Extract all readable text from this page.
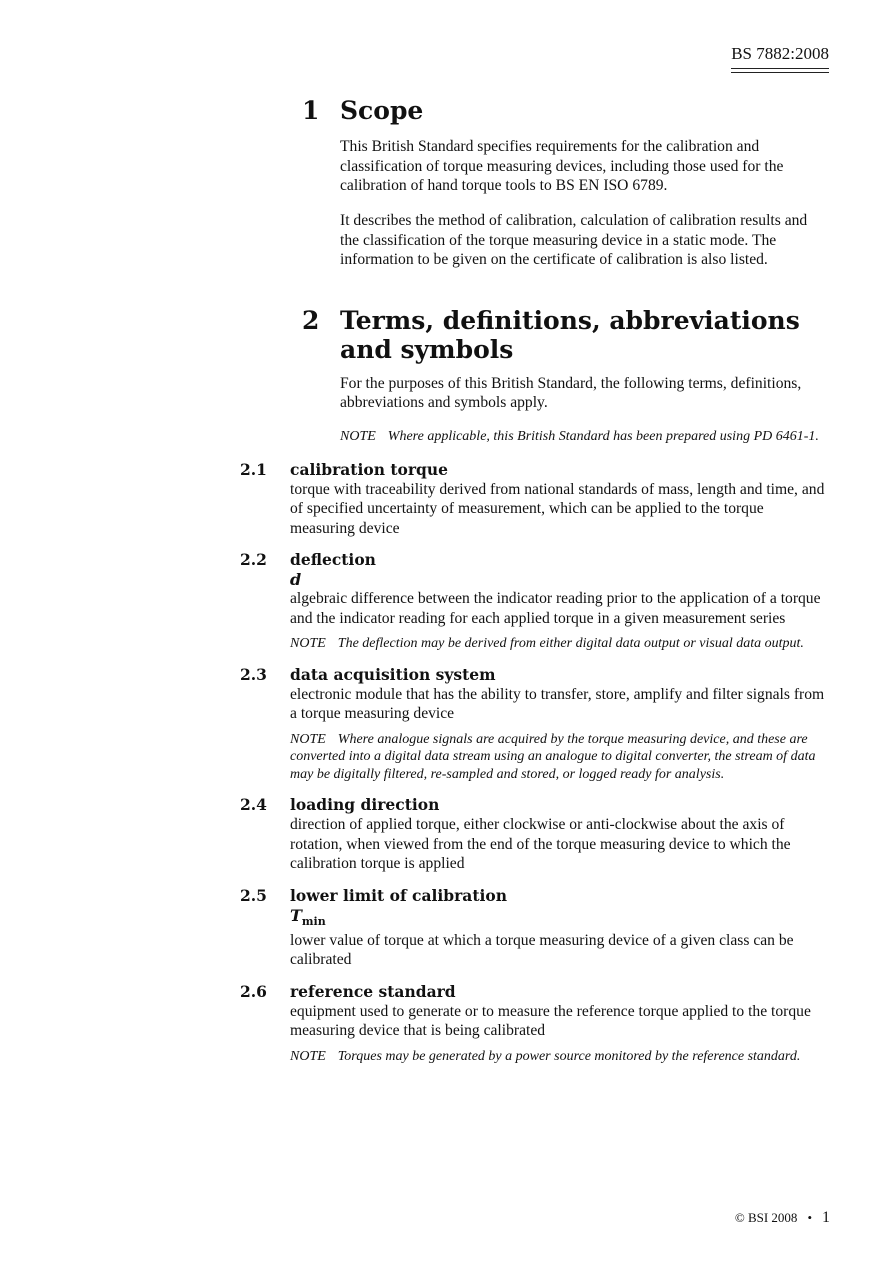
BS 7882:2008
1 Scope

This British Standard specifies requirements for the calibration and classification of torque measuring devices, including those used for the calibration of hand torque tools to BS EN ISO 6789.

It describes the method of calibration, calculation of calibration results and the classification of the torque measuring device in a static mode. The information to be given on the certificate of calibration is also listed.

2 Terms, definitions, abbreviations and symbols

For the purposes of this British Standard, the following terms, definitions, abbreviations and symbols apply.

NOTE Where applicable, this British Standard has been prepared using PD 6461-1.

2.1	calibration torque
torque with traceability derived from national standards of mass, length and time, and of specified uncertainty of measurement, which can be applied to the torque measuring device
2.2	deflection
d
algebraic difference between the indicator reading prior to the application of a torque and the indicator reading for each applied torque in a given measurement series
NOTE The deflection may be derived from either digital data output or visual data output.
2.3	data acquisition system
electronic module that has the ability to transfer, store, amplify and filter signals from a torque measuring device
NOTE Where analogue signals are acquired by the torque measuring device, and these are converted into a digital data stream using an analogue to digital converter, the stream of data may be digitally filtered, re-sampled and stored, or logged ready for analysis.
2.4	loading direction
direction of applied torque, either clockwise or anti-clockwise about the axis of rotation, when viewed from the end of the torque measuring device to which the calibration torque is applied
2.5	lower limit of calibration
$T_{min}$
lower value of torque at which a torque measuring device of a given class can be calibrated
2.6	reference standard
equipment used to generate or to measure the reference torque applied to the torque measuring device that is being calibrated
NOTE Torques may be generated by a power source monitored by the reference standard.
© BSI 2008 • 1
